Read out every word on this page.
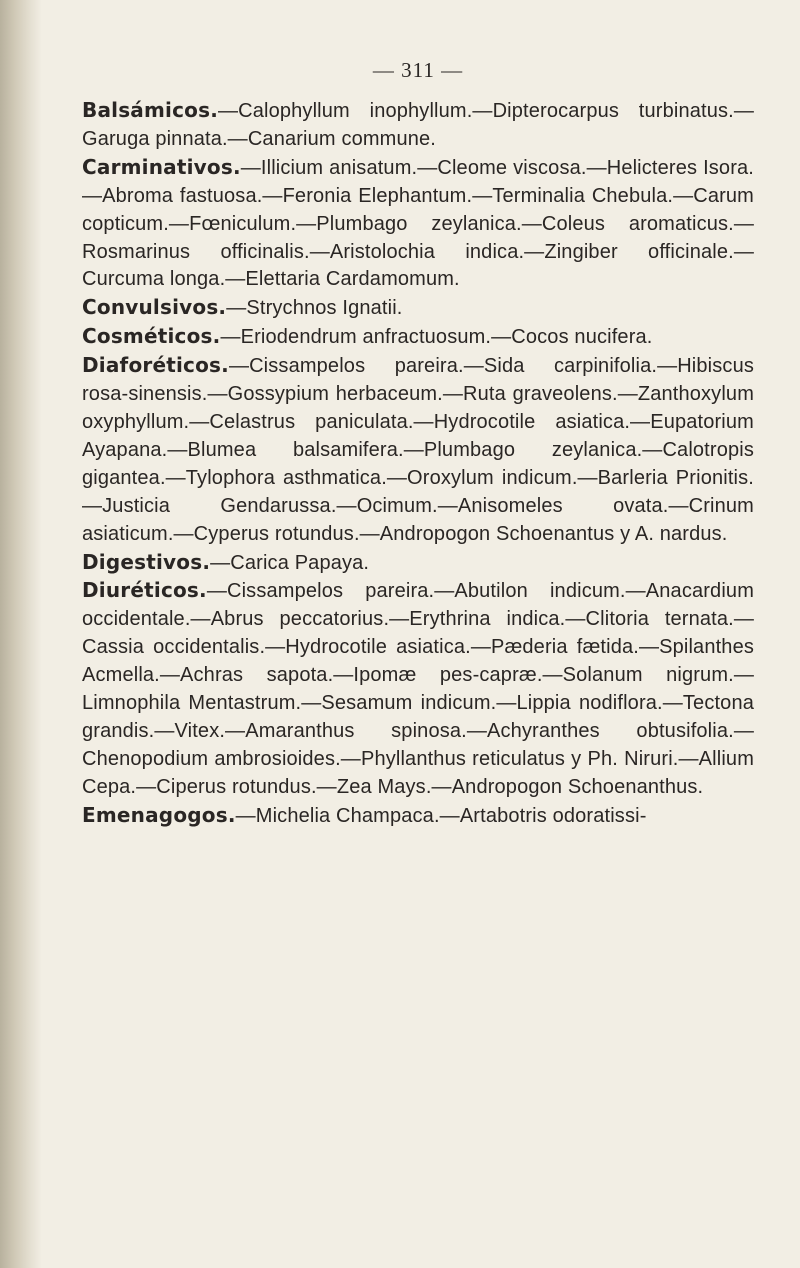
— 311 —

Balsámicos.—Calophyllum inophyllum.—Dipterocarpus turbinatus.—Garuga pinnata.—Canarium commune.

Carminativos.—Illicium anisatum.—Cleome viscosa.—Helicteres Isora.—Abroma fastuosa.—Feronia Elephantum.—Terminalia Chebula.—Carum copticum.—Fœniculum.—Plumbago zeylanica.—Coleus aromaticus.—Rosmarinus officinalis.—Aristolochia indica.—Zingiber officinale.—Curcuma longa.—Elettaria Cardamomum.

Convulsivos.—Strychnos Ignatii.

Cosméticos.—Eriodendrum anfractuosum.—Cocos nucifera.

Diaforéticos.—Cissampelos pareira.—Sida carpinifolia.—Hibiscus rosa-sinensis.—Gossypium herbaceum.—Ruta graveolens.—Zanthoxylum oxyphyllum.—Celastrus paniculata.—Hydrocotile asiatica.—Eupatorium Ayapana.—Blumea balsamifera.—Plumbago zeylanica.—Calotropis gigantea.—Tylophora asthmatica.—Oroxylum indicum.—Barleria Prionitis.—Justicia Gendarussa.—Ocimum.—Anisomeles ovata.—Crinum asiaticum.—Cyperus rotundus.—Andropogon Schoenantus y A. nardus.

Digestivos.—Carica Papaya.

Diuréticos.—Cissampelos pareira.—Abutilon indicum.—Anacardium occidentale.—Abrus peccatorius.—Erythrina indica.—Clitoria ternata.—Cassia occidentalis.—Hydrocotile asiatica.—Pæderia fætida.—Spilanthes Acmella.—Achras sapota.—Ipomæ pes-capræ.—Solanum nigrum.—Limnophila Mentastrum.—Sesamum indicum.—Lippia nodiflora.—Tectona grandis.—Vitex.—Amaranthus spinosa.—Achyranthes obtusifolia.—Chenopodium ambrosioides.—Phyllanthus reticulatus y Ph. Niruri.—Allium Cepa.—Ciperus rotundus.—Zea Mays.—Andropogon Schoenanthus.

Emenagogos.—Michelia Champaca.—Artabotris odoratissi-
